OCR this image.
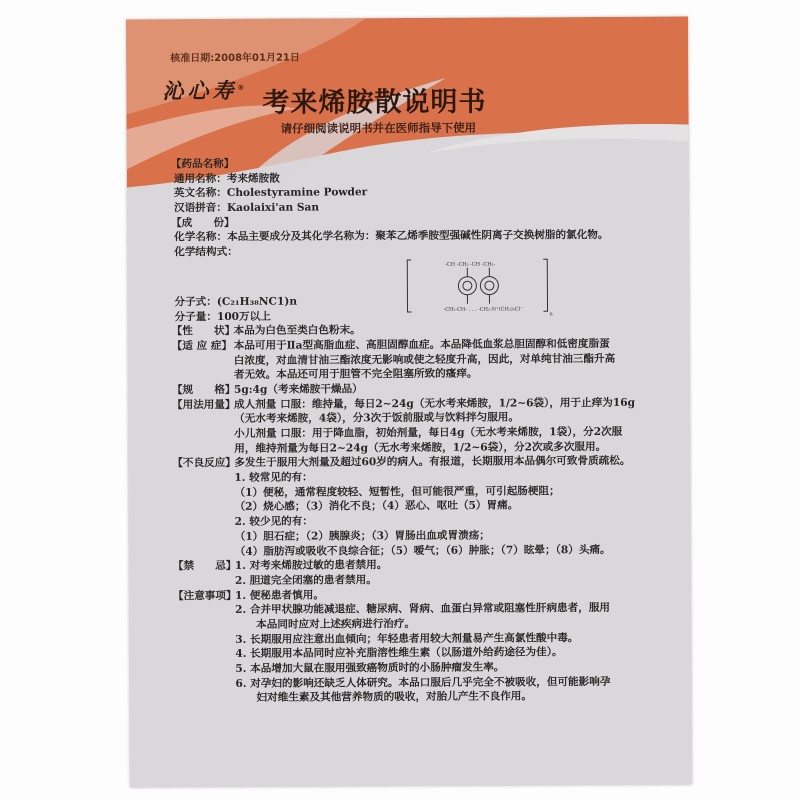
核准日期:2008年01月21日
沁心寿® 考来烯胺散说明书
请仔细阅读说明书并在医师指导下使用
【药品名称】
通用名称：考来烯胺散
英文名称：Cholestyramine Powder
汉语拼音：Kaolaixi'an San
【成　　份】
化学名称：本品主要成分及其化学名称为：聚苯乙烯季胺型强碱性阴离子交换树脂的氯化物。
化学结构式：
分子式：(C₂₁H₃₈NC1)n
分子量：100万以上
【性　　状】本品为白色至类白色粉末。
【适 应 症】 本品可用于Ⅱa型高脂血症、高胆固醇血症。本品降低血浆总胆固醇和低密度脂蛋
白浓度，对血清甘油三酯浓度无影响或使之轻度升高，因此，对单纯甘油三酯升高
者无效。本品还可用于胆管不完全阻塞所致的瘙痒。
【规　　格】5g:4g（考来烯胺干燥品）
【用法用量】成人剂量 口服：维持量，每日2~24g（无水考来烯胺，1/2~6袋），用于止痒为16g
（无水考来烯胺，4袋），分3次于饭前服或与饮料拌匀服用。
小儿剂量 口服：用于降血脂，初始剂量，每日4g（无水考来烯胺，1袋），分2次服
用，维持剂量为每日2~24g（无水考来烯胺，1/2~6袋），分2次或多次服用。
【不良反应】多发生于服用大剂量及超过60岁的病人。有报道，长期服用本品偶尔可致骨质疏松。
1. 较常见的有：
（1）便秘，通常程度较轻、短暂性，但可能很严重，可引起肠梗阻；
（2）烧心感；（3）消化不良；（4）恶心、呕吐（5）胃痛。
2. 较少见的有：
（1）胆石症；（2）胰腺炎；（3）胃肠出血或胃溃疡；
（4）脂肪泻或吸收不良综合征；（5）嗳气；（6）肿胀；（7）眩晕；（8）头痛。
【禁　　忌】1. 对考来烯胺过敏的患者禁用。
2. 胆道完全闭塞的患者禁用。
【注意事项】1. 便秘患者慎用。
2. 合并甲状腺功能减退症、糖尿病、肾病、血蛋白异常或阻塞性肝病患者，服用
本品同时应对上述疾病进行治疗。
3. 长期服用应注意出血倾向；年轻患者用较大剂量易产生高氯性酸中毒。
4. 长期服用本品同时应补充脂溶性维生素（以肠道外给药途径为佳）。
5. 本品增加大鼠在服用强致癌物质时的小肠肿瘤发生率。
6. 对孕妇的影响还缺乏人体研究。本品口服后几乎完全不被吸收，但可能影响孕
妇对维生素及其他营养物质的吸收，对胎儿产生不良作用。
-CH -CH₂ -CH -CH₂-
-CH₂-CH- . . . -CH₂-N⁺(CH₃)₃Cl⁻
n
